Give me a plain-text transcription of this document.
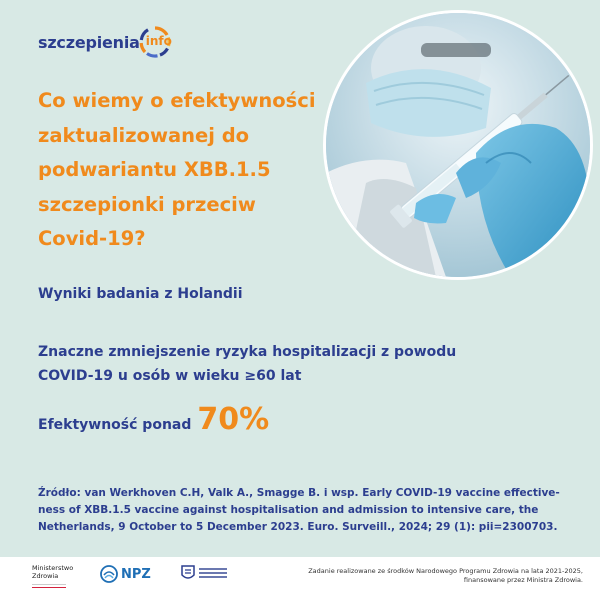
szczepienia info
Co wiemy o efektywności
zaktualizowanej do
podwariantu XBB.1.5
szczepionki przeciw
Covid-19?
Wyniki badania z Holandii

Znaczne zmniejszenie ryzyka hospitalizacji z powodu
COVID-19 u osób w wieku ≥60 lat

Efektywność ponad 70%

Źródło: van Werkhoven C.H, Valk A., Smagge B. i wsp. Early COVID-19 vaccine effective-
ness of XBB.1.5 vaccine against hospitalisation and admission to intensive care, the
Netherlands, 9 October to 5 December 2023. Euro. Surveill., 2024; 29 (1): pii=2300703.

Ministerstwo
Zdrowia	NPZ	Zadanie realizowane ze środków Narodowego Programu Zdrowia na lata 2021-2025,
finansowane przez Ministra Zdrowia.
